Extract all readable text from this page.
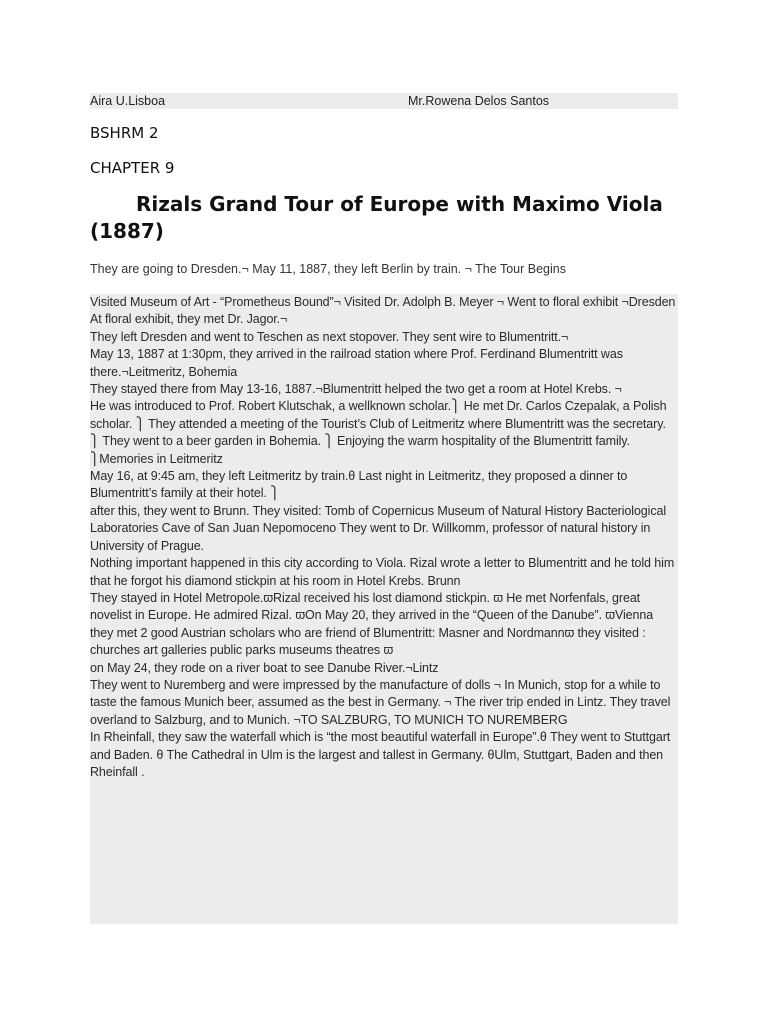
Aira U.Lisboa	Mr.Rowena Delos Santos
BSHRM 2
CHAPTER 9
Rizals Grand Tour of Europe with Maximo Viola (1887)
They are going to Dresden.¬ May 11, 1887, they left Berlin by train. ¬ The Tour Begins

Visited Museum of Art - “Prometheus Bound”¬ Visited Dr. Adolph B. Meyer ¬ Went to floral exhibit ¬Dresden

At floral exhibit, they met Dr. Jagor.¬

They left Dresden and went to Teschen as next stopover. They sent wire to Blumentritt.¬

May 13, 1887 at 1:30pm, they arrived in the railroad station where Prof. Ferdinand Blumentritt was there.¬Leitmeritz, Bohemia

They stayed there from May 13-16, 1887.¬Blumentritt helped the two get a room at Hotel Krebs. ¬

He was introduced to Prof. Robert Klutschak, a wellknown scholar.⎫ He met Dr. Carlos Czepalak, a Polish scholar. ⎫ They attended a meeting of the Tourist’s Club of Leitmeritz where Blumentritt was the secretary. ⎫ They went to a beer garden in Bohemia. ⎫ Enjoying the warm hospitality of the Blumentritt family. ⎫Memories in Leitmeritz

May 16, at 9:45 am, they left Leitmeritz by train.θ Last night in Leitmeritz, they proposed a dinner to Blumentritt’s family at their hotel. ⎫

after this, they went to Brunn. They visited: Tomb of Copernicus Museum of Natural History Bacteriological Laboratories Cave of San Juan Nepomoceno They went to Dr. Willkomm, professor of natural history in University of Prague.

Nothing important happened in this city according to Viola. Rizal wrote a letter to Blumentritt and he told him that he forgot his diamond stickpin at his room in Hotel Krebs. Brunn

They stayed in Hotel Metropole.ϖRizal received his lost diamond stickpin. ϖ He met Norfenfals, great novelist in Europe. He admired Rizal. ϖOn May 20, they arrived in the “Queen of the Danube”. ϖVienna

they met 2 good Austrian scholars who are friend of Blumentritt: Masner and Nordmannϖ they visited : churches art galleries public parks museums theatres ϖ

on May 24, they rode on a river boat to see Danube River.¬Lintz

They went to Nuremberg and were impressed by the manufacture of dolls ¬ In Munich, stop for a while to taste the famous Munich beer, assumed as the best in Germany. ¬ The river trip ended in Lintz. They travel overland to Salzburg, and to Munich. ¬TO SALZBURG, TO MUNICH TO NUREMBERG

In Rheinfall, they saw the waterfall which is “the most beautiful waterfall in Europe”.θ They went to Stuttgart and Baden. θ The Cathedral in Ulm is the largest and tallest in Germany. θUlm, Stuttgart, Baden and then Rheinfall .
